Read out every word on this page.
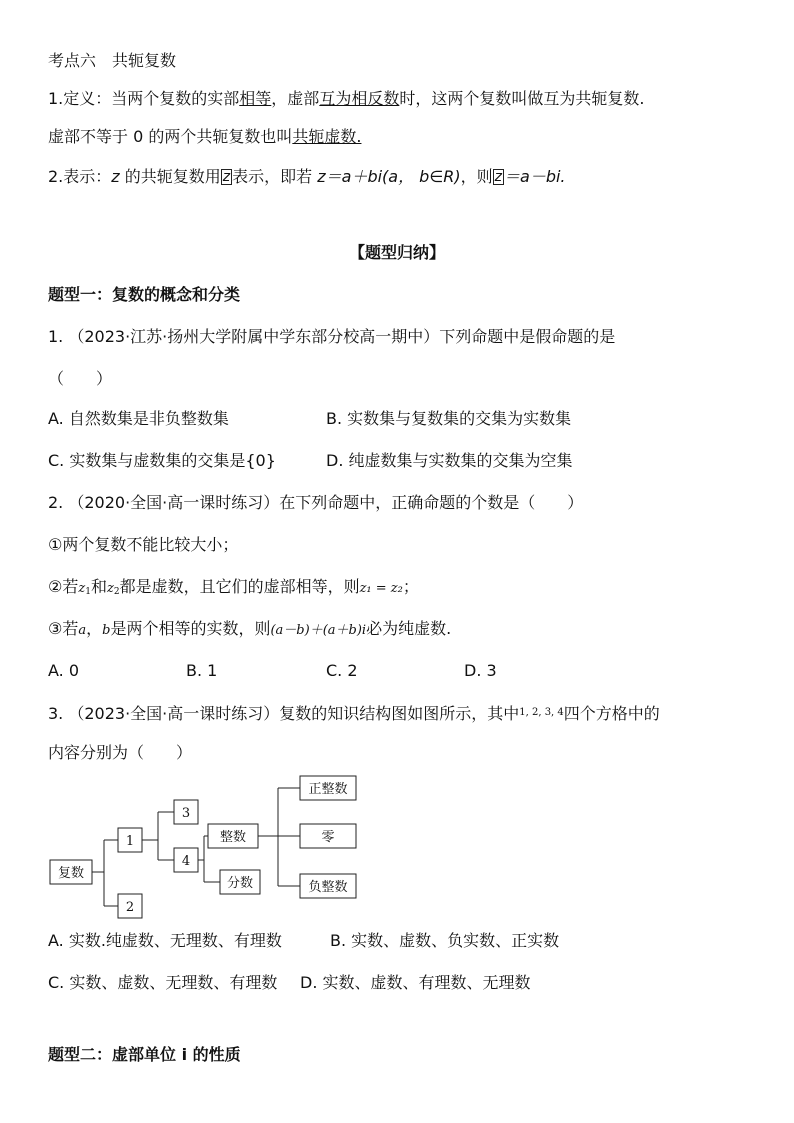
考点六　共轭复数
1.定义：当两个复数的实部相等，虚部互为相反数时，这两个复数叫做互为共轭复数.
虚部不等于 0 的两个共轭复数也叫共轭虚数.
2.表示：z 的共轭复数用 z 表示，即若 z＝a＋bi(a， b∈R)，则 z ＝a－bi.
【题型归纳】
题型一：复数的概念和分类
1. （2023·江苏·扬州大学附属中学东部分校高一期中）下列命题中是假命题的是
（　　）
A. 自然数集是非负整数集	B. 实数集与复数集的交集为实数集
C. 实数集与虚数集的交集是{0}	D. 纯虚数集与实数集的交集为空集
2. （2020·全国·高一课时练习）在下列命题中，正确命题的个数是（　　）
①两个复数不能比较大小；
②若$z_1$和$z_2$都是虚数，且它们的虚部相等，则z₁ = z₂；
③若a，b是两个相等的实数，则(a－b)＋(a＋b)i必为纯虚数.
A. 0	B. 1	C. 2	D. 3
3. （2023·全国·高一课时练习）复数的知识结构图如图所示，其中$^{1, 2, 3, 4}$四个方格中的
内容分别为（　　）
复数
1
2
3
4
整数
分数
正整数
零
负整数
A. 实数.纯虚数、无理数、有理数	B. 实数、虚数、负实数、正实数
C. 实数、虚数、无理数、有理数 D. 实数、虚数、有理数、无理数
题型二：虚部单位 i 的性质
